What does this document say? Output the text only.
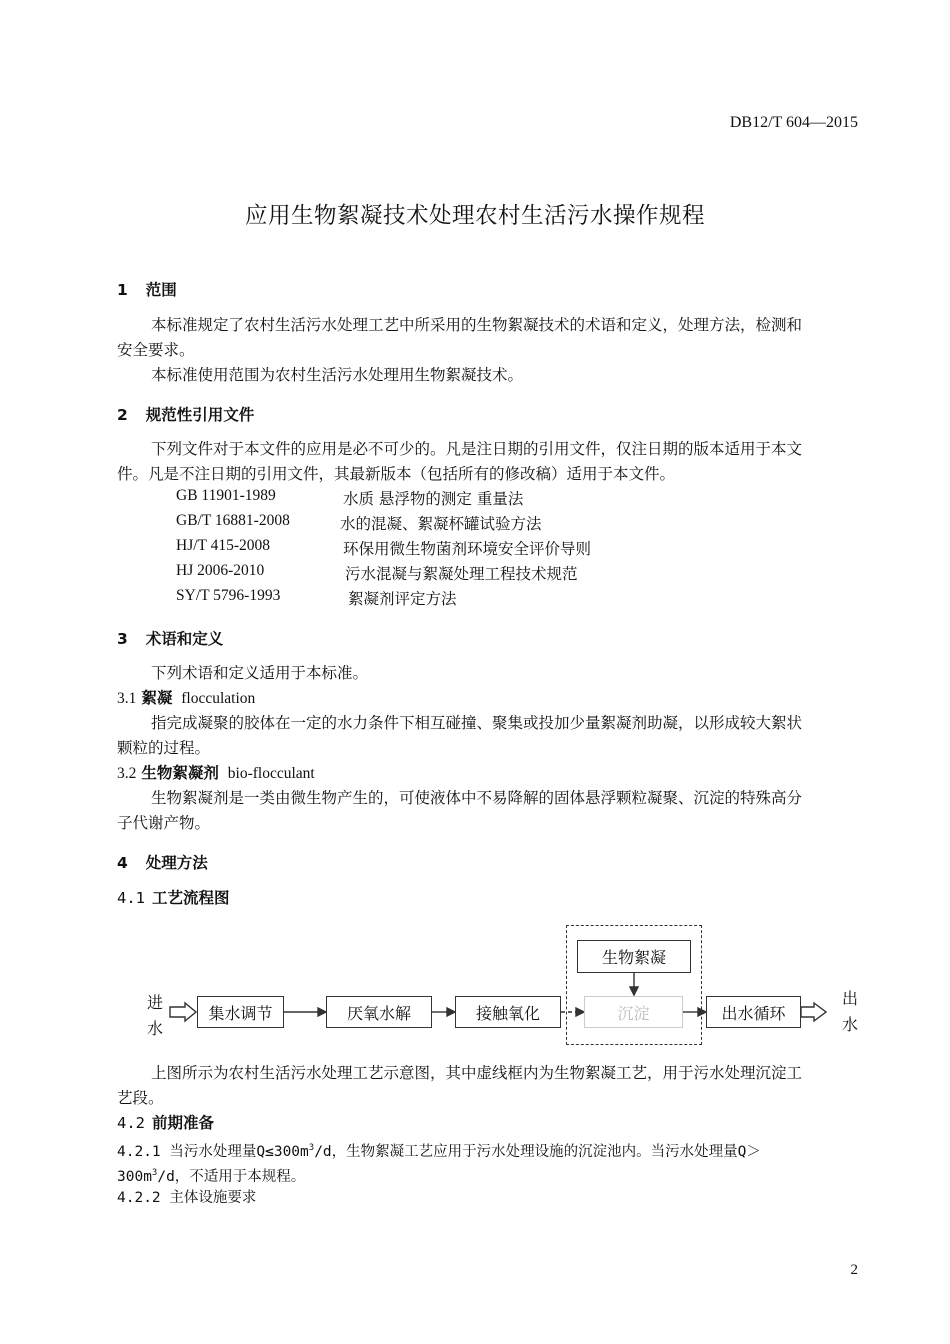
DB12/T 604—2015
应用生物絮凝技术处理农村生活污水操作规程
1 范围
本标准规定了农村生活污水处理工艺中所采用的生物絮凝技术的术语和定义，处理方法，检测和
安全要求。
本标准使用范围为农村生活污水处理用生物絮凝技术。
2 规范性引用文件
下列文件对于本文件的应用是必不可少的。凡是注日期的引用文件，仅注日期的版本适用于本文
件。凡是不注日期的引用文件，其最新版本（包括所有的修改稿）适用于本文件。
GB 11901-1989	水质 悬浮物的测定 重量法
GB/T 16881-2008	水的混凝、絮凝杯罐试验方法
HJ/T 415-2008	环保用微生物菌剂环境安全评价导则
HJ 2006-2010	污水混凝与絮凝处理工程技术规范
SY/T 5796-1993	絮凝剂评定方法
3 术语和定义
下列术语和定义适用于本标准。
3.1 絮凝 flocculation
指完成凝聚的胶体在一定的水力条件下相互碰撞、聚集或投加少量絮凝剂助凝，以形成较大絮状
颗粒的过程。
3.2 生物絮凝剂 bio-flocculant
生物絮凝剂是一类由微生物产生的，可使液体中不易降解的固体悬浮颗粒凝聚、沉淀的特殊高分
子代谢产物。
4 处理方法
4.1 工艺流程图
进
水
集水调节	厌氧水解	接触氧化	沉淀	出水循环
生物絮凝
出
水
上图所示为农村生活污水处理工艺示意图，其中虚线框内为生物絮凝工艺，用于污水处理沉淀工
艺段。
4.2 前期准备
4.2.1 当污水处理量$Q\le 300m^3/d$，生物絮凝工艺应用于污水处理设施的沉淀池内。当污水处理量Q＞
$300m^3/d$，不适用于本规程。
4.2.2 主体设施要求
2
